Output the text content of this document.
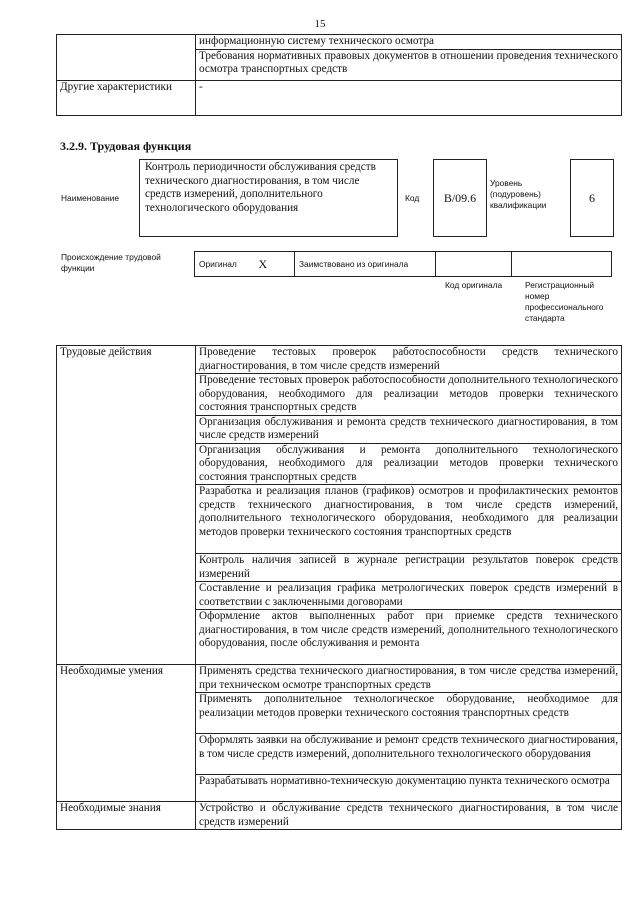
15
	информационную систему технического осмотра
	Требования нормативных правовых документов в отношении проведения технического осмотра транспортных средств
Другие характеристики	-
3.2.9. Трудовая функция
Наименование
Контроль периодичности обслуживания средств технического диагностирования, в том числе средств измерений, дополнительного технологического оборудования
Код	B/09.6
Уровень (подуровень) квалификации
6
Происхождение трудовой функции	Оригинал	X	Заимствовано из оригинала		
Код оригинала	Регистрационный номер профессионального стандарта
Трудовые действия	Проведение тестовых проверок работоспособности средств технического диагностирования, в том числе средств измерений
	Проведение тестовых проверок работоспособности дополнительного технологического оборудования, необходимого для реализации методов проверки технического состояния транспортных средств
	Организация обслуживания и ремонта средств технического диагностирования, в том числе средств измерений
	Организация обслуживания и ремонта дополнительного технологического оборудования, необходимого для реализации методов проверки технического состояния транспортных средств
	Разработка и реализация планов (графиков) осмотров и профилактических ремонтов средств технического диагностирования, в том числе средств измерений, дополнительного технологического оборудования, необходимого для реализации методов проверки технического состояния транспортных средств
	Контроль наличия записей в журнале регистрации результатов поверок средств измерений
	Составление и реализация графика метрологических поверок средств измерений в соответствии с заключенными договорами
	Оформление актов выполненных работ при приемке средств технического диагностирования, в том числе средств измерений, дополнительного технологического оборудования, после обслуживания и ремонта
Необходимые умения	Применять средства технического диагностирования, в том числе средства измерений, при техническом осмотре транспортных средств
	Применять дополнительное технологическое оборудование, необходимое для реализации методов проверки технического состояния транспортных средств
	Оформлять заявки на обслуживание и ремонт средств технического диагностирования, в том числе средств измерений, дополнительного технологического оборудования
	Разрабатывать нормативно-техническую документацию пункта технического осмотра
Необходимые знания	Устройство и обслуживание средств технического диагностирования, в том числе средств измерений
